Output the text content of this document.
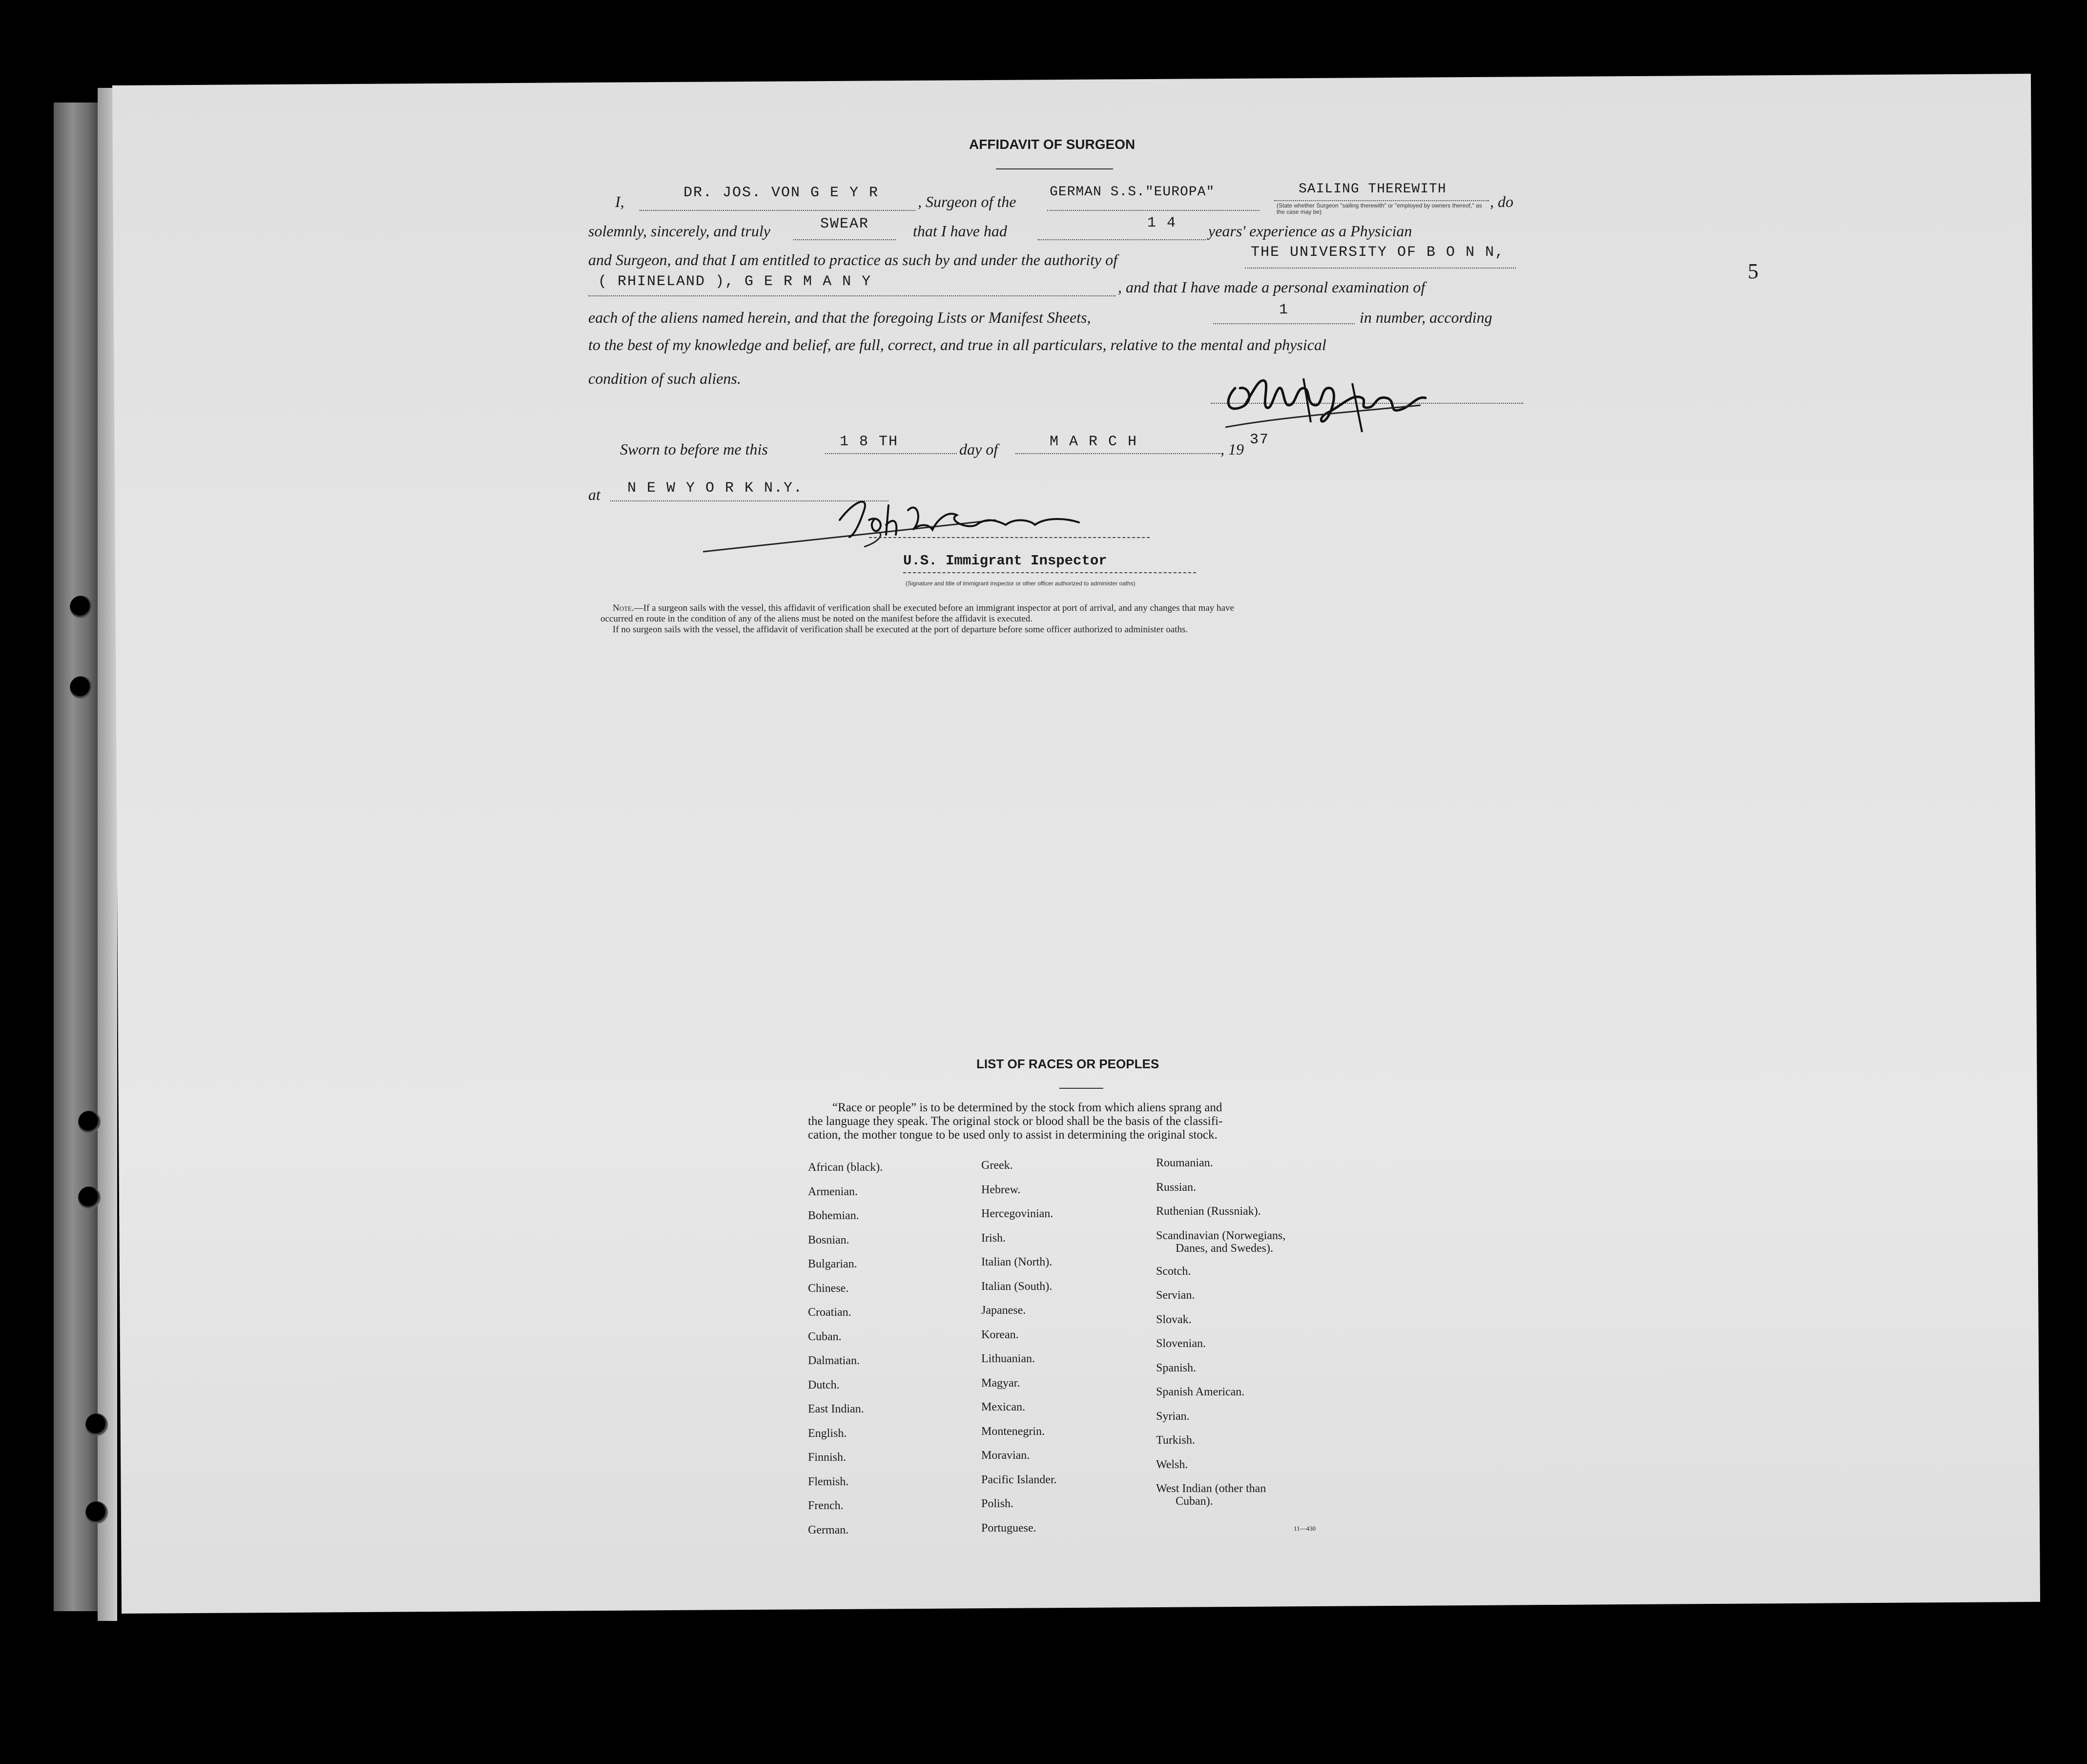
5
AFFIDAVIT OF SURGEON
I,	DR. JOS. VON G E Y R , Surgeon of the
GERMAN S.S."EUROPA"	SAILING THEREWITH
(State whether Surgeon "sailing therewith" or "employed by owners thereof," as the case may be)
, do
solemnly, sincerely, and truly	SWEAR	that I have had	1 4 years' experience as a Physician
and Surgeon, and that I am entitled to practice as such by and under the authority of	THE UNIVERSITY OF B O N N,
( RHINELAND ), G E R M A N Y	, and that I have made a personal examination of
each of the aliens named herein, and that the foregoing Lists or Manifest Sheets,	1	in number, according
to the best of my knowledge and belief, are full, correct, and true in all particulars, relative to the mental and physical
condition of such aliens.
Sworn to before me this	1 8 TH	day of	M A R C H	, 19
37
at N E W Y O R K N.Y.
U.S. Immigrant Inspector
(Signature and title of immigrant inspector or other officer authorized to administer oaths)
Note.—If a surgeon sails with the vessel, this affidavit of verification shall be executed before an immigrant inspector at port of arrival, and any changes that may have
occurred en route in the condition of any of the aliens must be noted on the manifest before the affidavit is executed.
If no surgeon sails with the vessel, the affidavit of verification shall be executed at the port of departure before some officer authorized to administer oaths.
LIST OF RACES OR PEOPLES
“Race or people” is to be determined by the stock from which aliens sprang and
the language they speak. The original stock or blood shall be the basis of the classifi-
cation, the mother tongue to be used only to assist in determining the original stock.
African (black).
Armenian.
Bohemian.
Bosnian.
Bulgarian.
Chinese.
Croatian.
Cuban.
Dalmatian.
Dutch.
East Indian.
English.
Finnish.
Flemish.
French.
German.
Greek.
Hebrew.
Hercegovinian.
Irish.
Italian (North).
Italian (South).
Japanese.
Korean.
Lithuanian.
Magyar.
Mexican.
Montenegrin.
Moravian.
Pacific Islander.
Polish.
Portuguese.
Roumanian.
Russian.
Ruthenian (Russniak).
Scandinavian (Norwegians,
Danes, and Swedes).
Scotch.
Servian.
Slovak.
Slovenian.
Spanish.
Spanish American.
Syrian.
Turkish.
Welsh.
West Indian (other than
Cuban).
11—430
